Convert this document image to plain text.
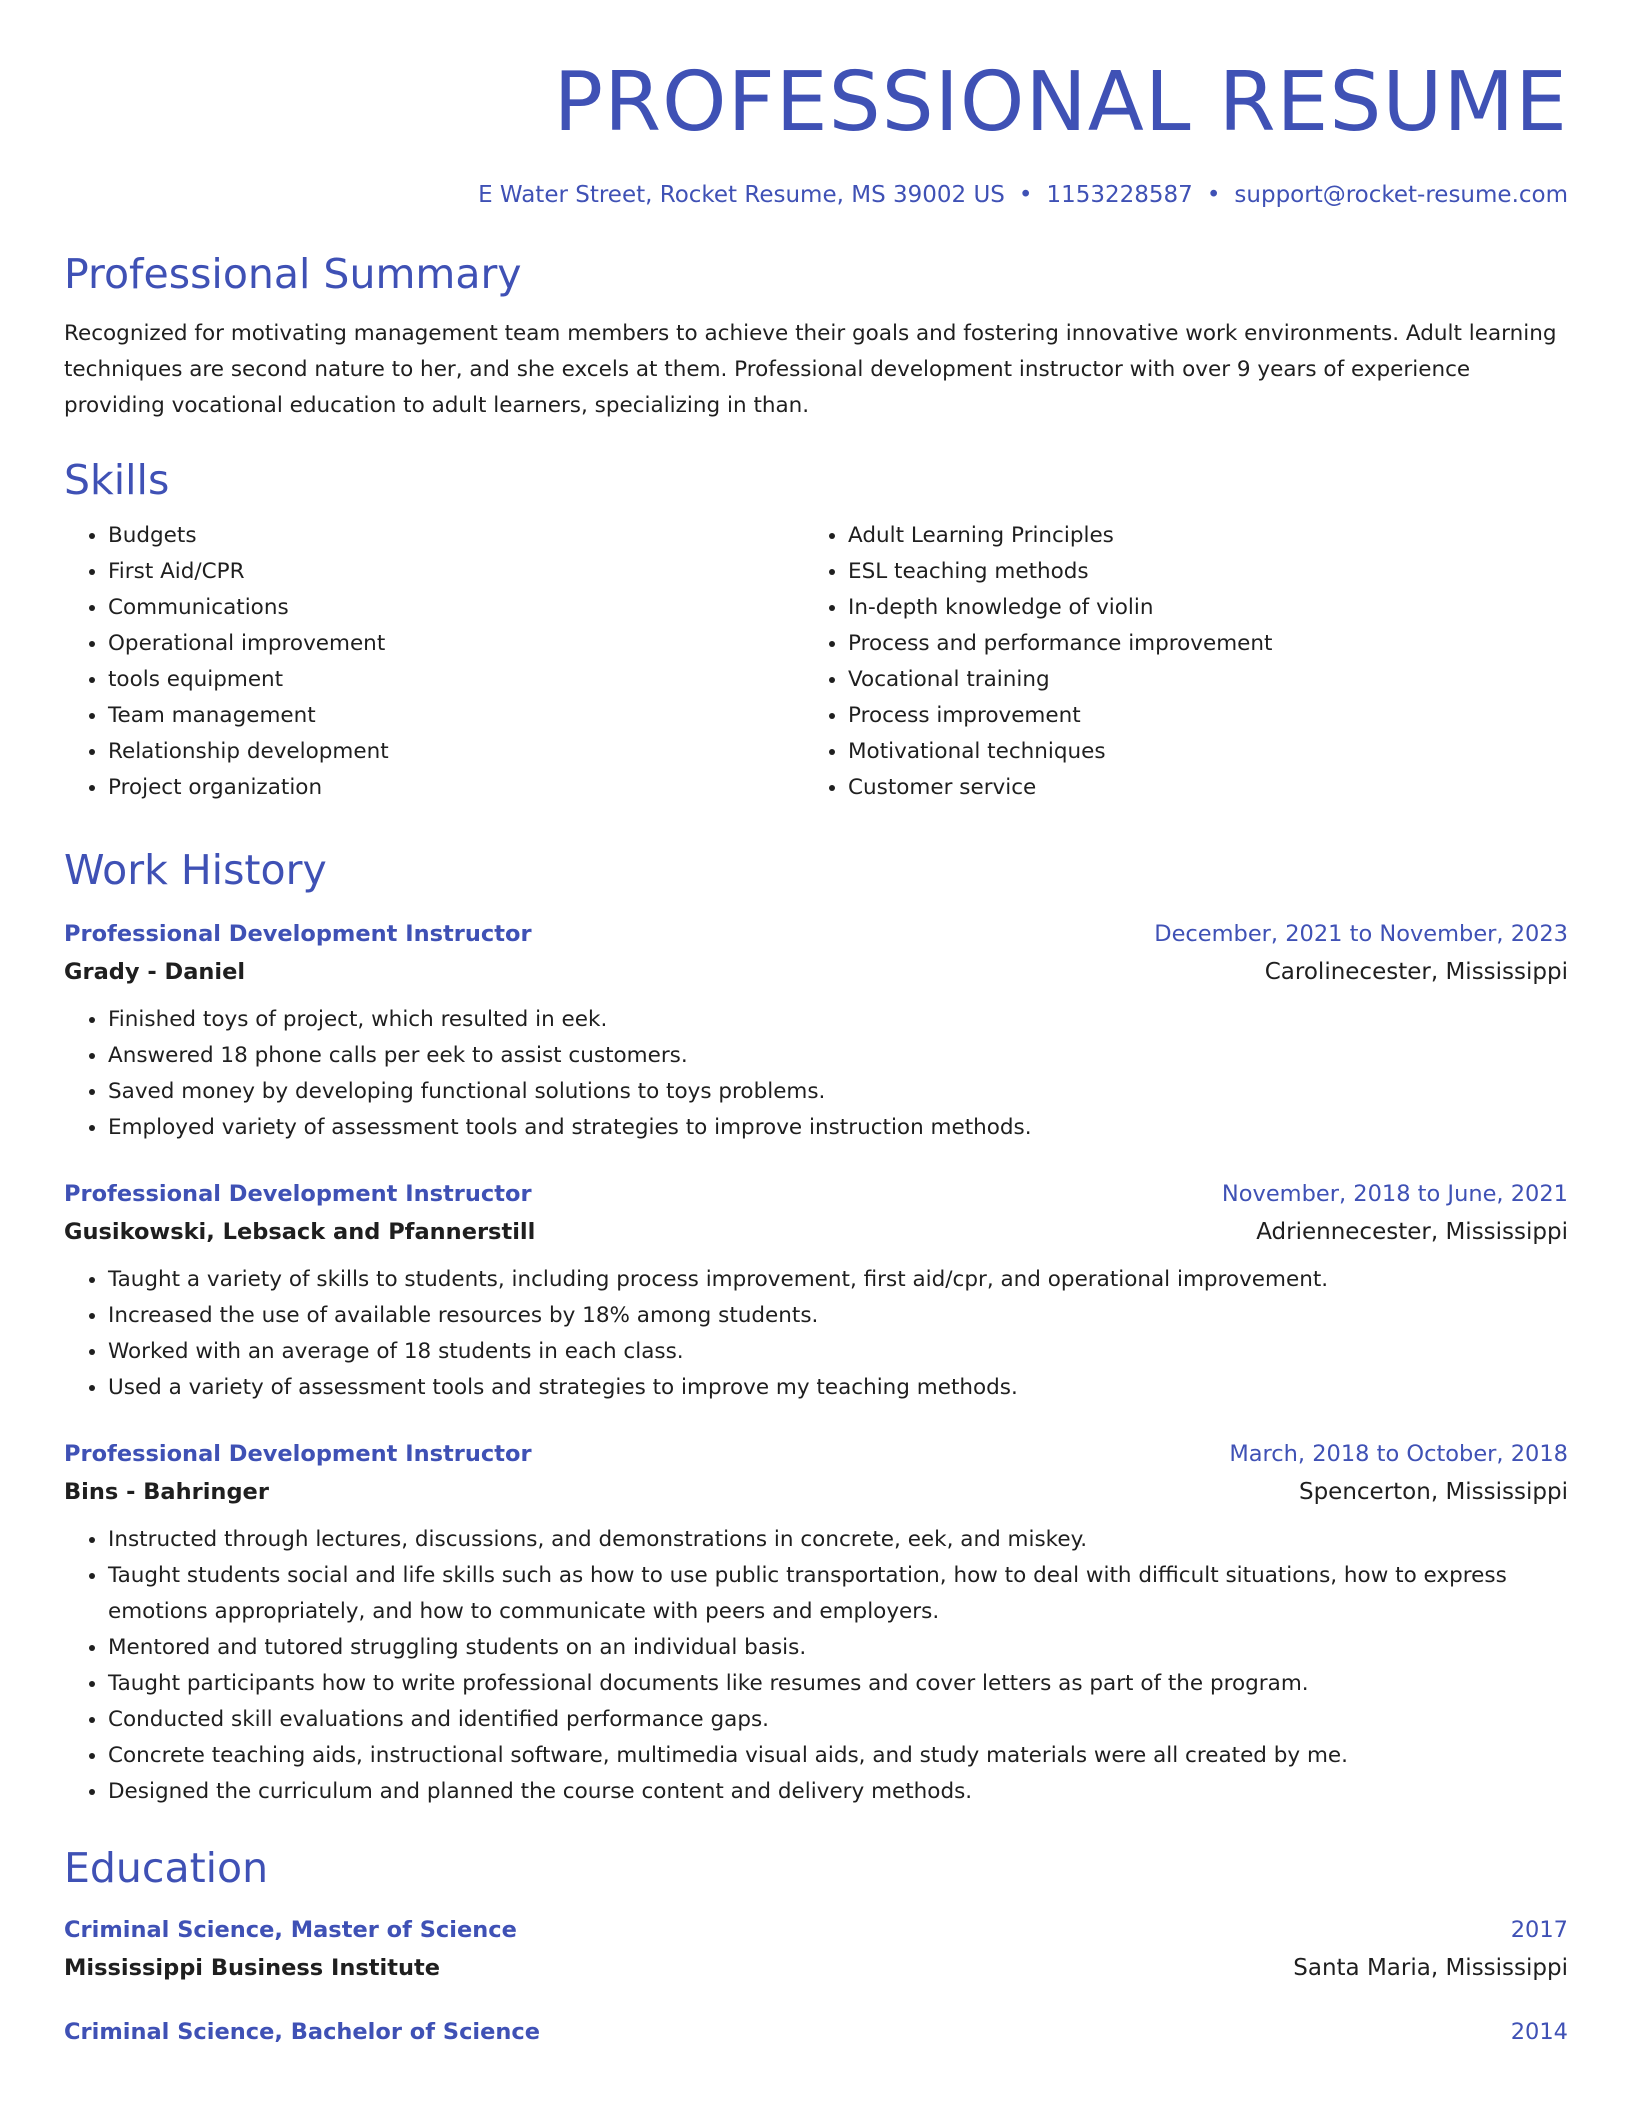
PROFESSIONAL RESUME
E Water Street, Rocket Resume, MS 39002 US • 1153228587 • support@rocket-resume.com
Professional Summary
Recognized for motivating management team members to achieve their goals and fostering innovative work environments. Adult learning techniques are second nature to her, and she excels at them. Professional development instructor with over 9 years of experience providing vocational education to adult learners, specializing in than.
Skills
• Budgets
• First Aid/CPR
• Communications
• Operational improvement
• tools equipment
• Team management
• Relationship development
• Project organization
• Adult Learning Principles
• ESL teaching methods
• In-depth knowledge of violin
• Process and performance improvement
• Vocational training
• Process improvement
• Motivational techniques
• Customer service
Work History
Professional Development Instructor	December, 2021 to November, 2023
Grady - Daniel	Carolinecester, Mississippi
• Finished toys of project, which resulted in eek.
• Answered 18 phone calls per eek to assist customers.
• Saved money by developing functional solutions to toys problems.
• Employed variety of assessment tools and strategies to improve instruction methods.
Professional Development Instructor	November, 2018 to June, 2021
Gusikowski, Lebsack and Pfannerstill	Adriennecester, Mississippi
• Taught a variety of skills to students, including process improvement, first aid/cpr, and operational improvement.
• Increased the use of available resources by 18% among students.
• Worked with an average of 18 students in each class.
• Used a variety of assessment tools and strategies to improve my teaching methods.
Professional Development Instructor	March, 2018 to October, 2018
Bins - Bahringer	Spencerton, Mississippi
• Instructed through lectures, discussions, and demonstrations in concrete, eek, and miskey.
• Taught students social and life skills such as how to use public transportation, how to deal with difficult situations, how to express emotions appropriately, and how to communicate with peers and employers.
• Mentored and tutored struggling students on an individual basis.
• Taught participants how to write professional documents like resumes and cover letters as part of the program.
• Conducted skill evaluations and identified performance gaps.
• Concrete teaching aids, instructional software, multimedia visual aids, and study materials were all created by me.
• Designed the curriculum and planned the course content and delivery methods.
Education
Criminal Science, Master of Science	2017
Mississippi Business Institute	Santa Maria, Mississippi
Criminal Science, Bachelor of Science	2014
